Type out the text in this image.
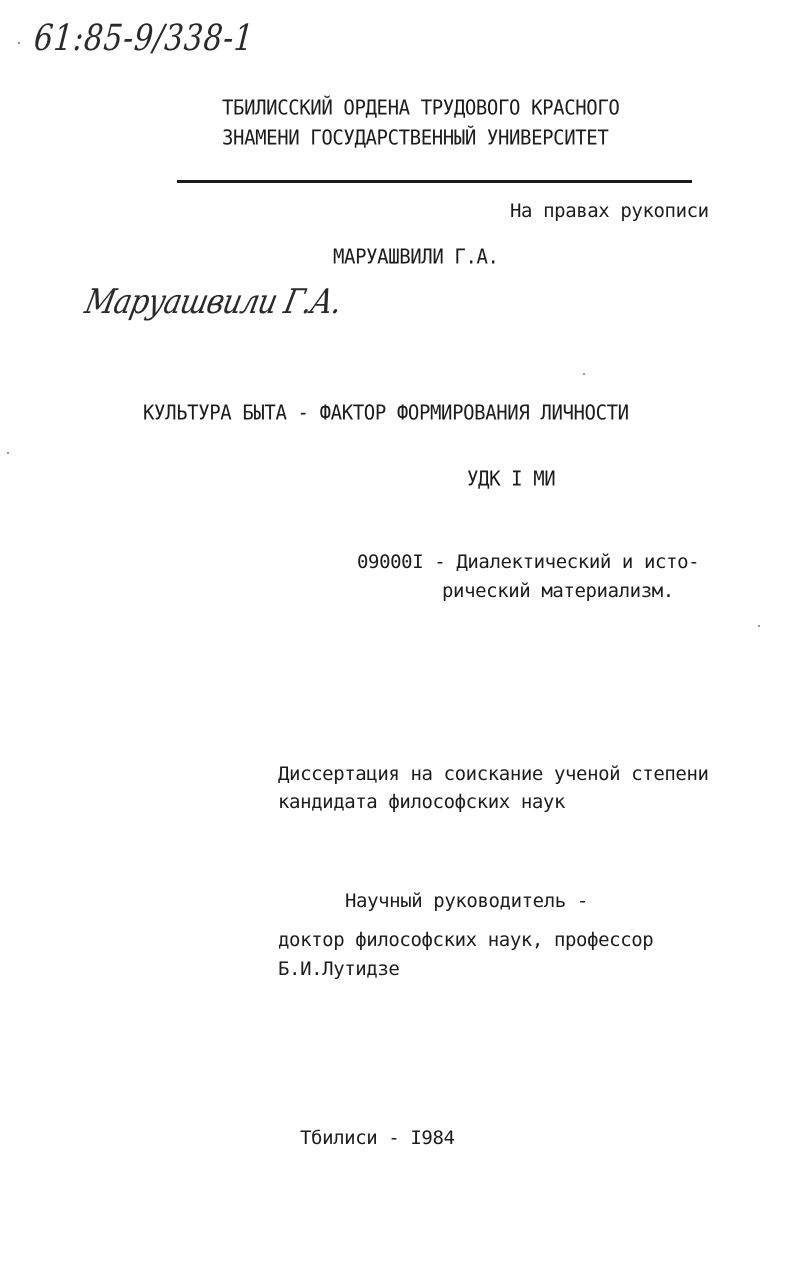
61:85-9/338-1
ТБИЛИССКИЙ ОРДЕНА ТРУДОВОГО КРАСНОГО
ЗНАМЕНИ ГОСУДАРСТВЕННЫЙ УНИВЕРСИТЕТ
На правах рукописи
МАРУАШВИЛИ Г.А.
Маруашвили Г.А.
КУЛЬТУРА БЫТА - ФАКТОР ФОРМИРОВАНИЯ ЛИЧНОСТИ
УДК I МИ
09000I - Диалектический и исто-
рический материализм.
Диссертация на соискание ученой степени
кандидата философских наук
Научный руководитель -
доктор философских наук, профессор
Б.И.Лутидзе
Тбилиси - I984
